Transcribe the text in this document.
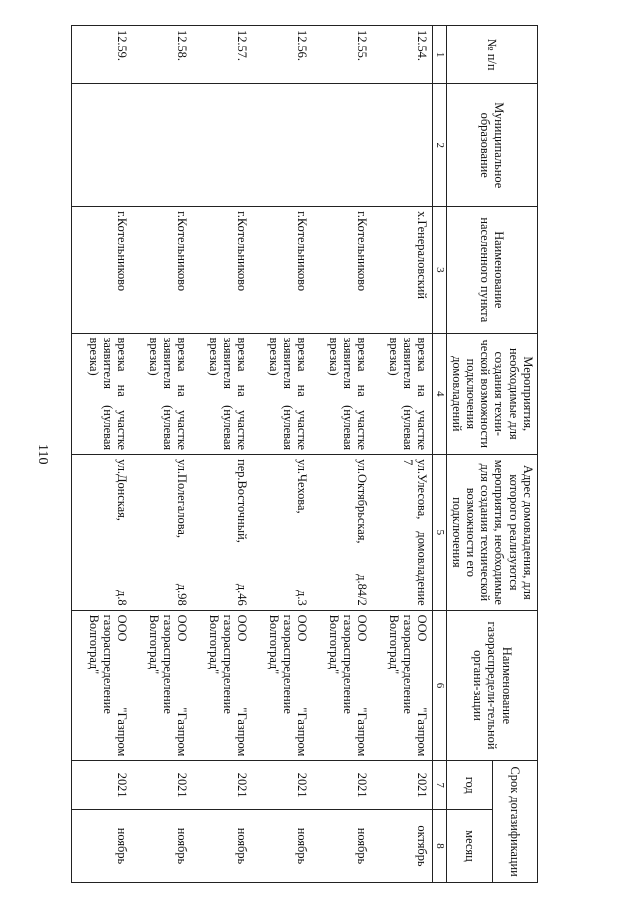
110
№ п/п	Муниципальное образование	Наименование населенного пункта	Мероприятия, необходимые для создания техни-ческой возможности подключения домовладений	Адрес домовладения, для которого реализуются мероприятия, необходимые для создания технической возможности его подключения	Наименование газораспредели-тельной органи-зации	Срок догазификации	
						год	месяц
1	2	3	4	5	6	7	8
12.54.		х.Генераловский	врезка на участке заявителя (нулевая врезка)	ул.Улесова, домовладение 7	ООО "Газпром газораспределение Волгоград"	2021	октябрь
12.55.		г.Котельниково	врезка на участке заявителя (нулевая врезка)	ул.Октябрьская, д.84/2	ООО "Газпром газораспределение Волгоград"	2021	ноябрь
12.56.		г.Котельниково	врезка на участке заявителя (нулевая врезка)	ул.Чехова, д.3	ООО "Газпром газораспределение Волгоград"	2021	ноябрь
12.57.		г.Котельниково	врезка на участке заявителя (нулевая врезка)	пер.Восточный, д.46	ООО "Газпром газораспределение Волгоград"	2021	ноябрь
12.58.		г.Котельниково	врезка на участке заявителя (нулевая врезка)	ул.Полегалова, д.98	ООО "Газпром газораспределение Волгоград"	2021	ноябрь
12.59.		г.Котельниково	врезка на участке заявителя (нулевая врезка)	ул.Донская, д.8	ООО "Газпром газораспределение Волгоград"	2021	ноябрь
